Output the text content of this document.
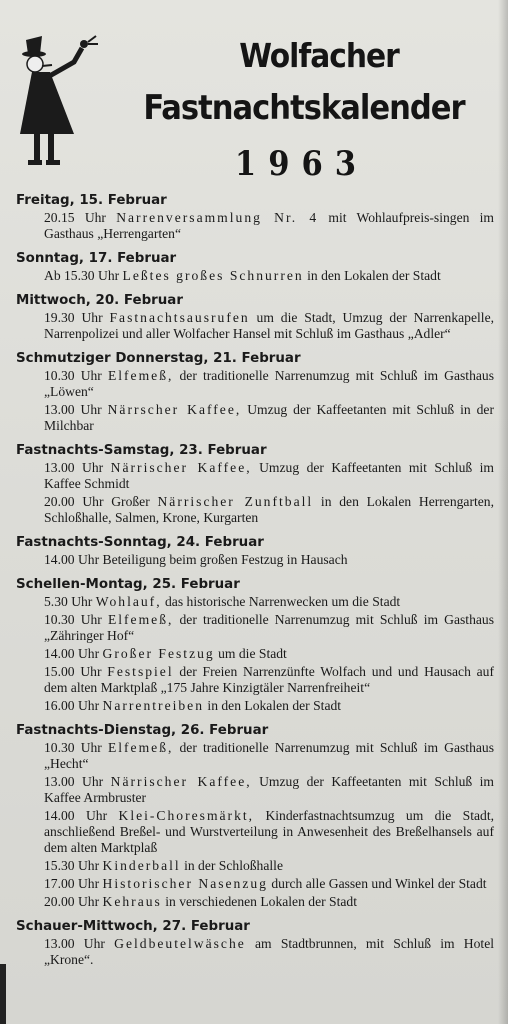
Wolfacher
Fastnachtskalender
1963
Freitag, 15. Februar
20.15 Uhr Narrenversammlung Nr. 4 mit Wohlaufpreis-singen im Gasthaus „Herrengarten“
Sonntag, 17. Februar
Ab 15.30 Uhr Leßtes großes Schnurren in den Lokalen der Stadt
Mittwoch, 20. Februar
19.30 Uhr Fastnachtsausrufen um die Stadt, Umzug der Narrenkapelle, Narrenpolizei und aller Wolfacher Hansel mit Schluß im Gasthaus „Adler“
Schmutziger Donnerstag, 21. Februar
10.30 Uhr Elfemeß, der traditionelle Narrenumzug mit Schluß im Gasthaus „Löwen“
13.00 Uhr Närrscher Kaffee, Umzug der Kaffeetanten mit Schluß in der Milchbar
Fastnachts-Samstag, 23. Februar
13.00 Uhr Närrischer Kaffee, Umzug der Kaffeetanten mit Schluß im Kaffee Schmidt
20.00 Uhr Großer Närrischer Zunftball in den Lokalen Herrengarten, Schloßhalle, Salmen, Krone, Kurgarten
Fastnachts-Sonntag, 24. Februar
14.00 Uhr Beteiligung beim großen Festzug in Hausach
Schellen-Montag, 25. Februar
5.30 Uhr Wohlauf, das historische Narrenwecken um die Stadt
10.30 Uhr Elfemeß, der traditionelle Narrenumzug mit Schluß im Gasthaus „Zähringer Hof“
14.00 Uhr Großer Festzug um die Stadt
15.00 Uhr Festspiel der Freien Narrenzünfte Wolfach und und Hausach auf dem alten Marktplaß „175 Jahre Kinzigtäler Narrenfreiheit“
16.00 Uhr Narrentreiben in den Lokalen der Stadt
Fastnachts-Dienstag, 26. Februar
10.30 Uhr Elfemeß, der traditionelle Narrenumzug mit Schluß im Gasthaus „Hecht“
13.00 Uhr Närrischer Kaffee, Umzug der Kaffeetanten mit Schluß im Kaffee Armbruster
14.00 Uhr Klei-Choresmärkt, Kinderfastnachtsumzug um die Stadt, anschließend Breßel- und Wurstverteilung in Anwesenheit des Breßelhansels auf dem alten Marktplaß
15.30 Uhr Kinderball in der Schloßhalle
17.00 Uhr Historischer Nasenzug durch alle Gassen und Winkel der Stadt
20.00 Uhr Kehraus in verschiedenen Lokalen der Stadt
Schauer-Mittwoch, 27. Februar
13.00 Uhr Geldbeutelwäsche am Stadtbrunnen, mit Schluß im Hotel „Krone“.
